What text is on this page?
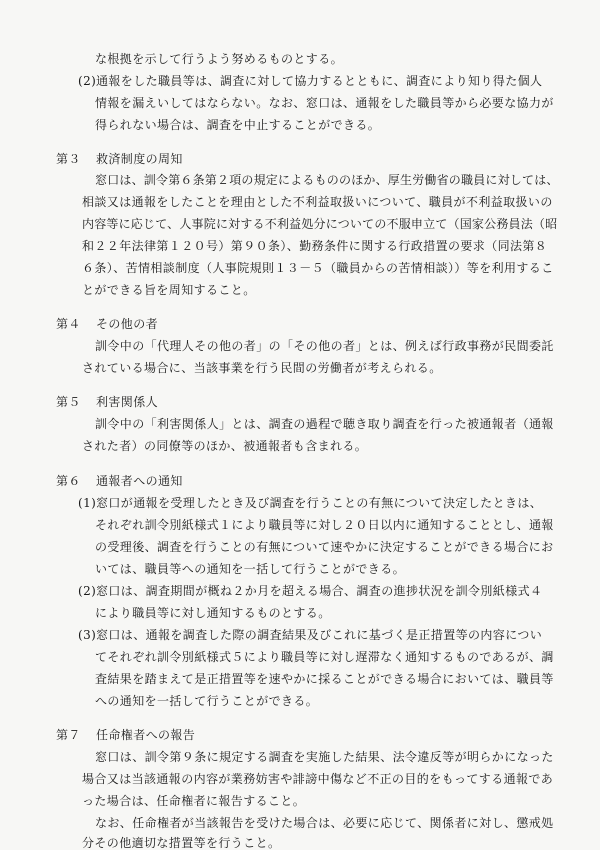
な根拠を示して行うよう努めるものとする。
(2)通報をした職員等は、調査に対して協力するとともに、調査により知り得た個人
情報を漏えいしてはならない。なお、窓口は、通報をした職員等から必要な協力が
得られない場合は、調査を中止することができる。
第３ 救済制度の周知
窓口は、訓令第６条第２項の規定によるもののほか、厚生労働省の職員に対しては、
相談又は通報をしたことを理由とした不利益取扱いについて、職員が不利益取扱いの
内容等に応じて、人事院に対する不利益処分についての不服申立て（国家公務員法（昭
和２２年法律第１２０号）第９０条）、勤務条件に関する行政措置の要求（同法第８
６条）、苦情相談制度（人事院規則１３－５（職員からの苦情相談））等を利用するこ
とができる旨を周知すること。
第４ その他の者
訓令中の「代理人その他の者」の「その他の者」とは、例えば行政事務が民間委託
されている場合に、当該事業を行う民間の労働者が考えられる。
第５ 利害関係人
訓令中の「利害関係人」とは、調査の過程で聴き取り調査を行った被通報者（通報
された者）の同僚等のほか、被通報者も含まれる。
第６ 通報者への通知
(1)窓口が通報を受理したとき及び調査を行うことの有無について決定したときは、
それぞれ訓令別紙様式１により職員等に対し２０日以内に通知することとし、通報
の受理後、調査を行うことの有無について速やかに決定することができる場合にお
いては、職員等への通知を一括して行うことができる。
(2)窓口は、調査期間が概ね２か月を超える場合、調査の進捗状況を訓令別紙様式４
により職員等に対し通知するものとする。
(3)窓口は、通報を調査した際の調査結果及びこれに基づく是正措置等の内容につい
てそれぞれ訓令別紙様式５により職員等に対し遅滞なく通知するものであるが、調
査結果を踏まえて是正措置等を速やかに採ることができる場合においては、職員等
への通知を一括して行うことができる。
第７ 任命権者への報告
窓口は、訓令第９条に規定する調査を実施した結果、法令違反等が明らかになった
場合又は当該通報の内容が業務妨害や誹謗中傷など不正の目的をもってする通報であ
った場合は、任命権者に報告すること。
なお、任命権者が当該報告を受けた場合は、必要に応じて、関係者に対し、懲戒処
分その他適切な措置等を行うこと。
